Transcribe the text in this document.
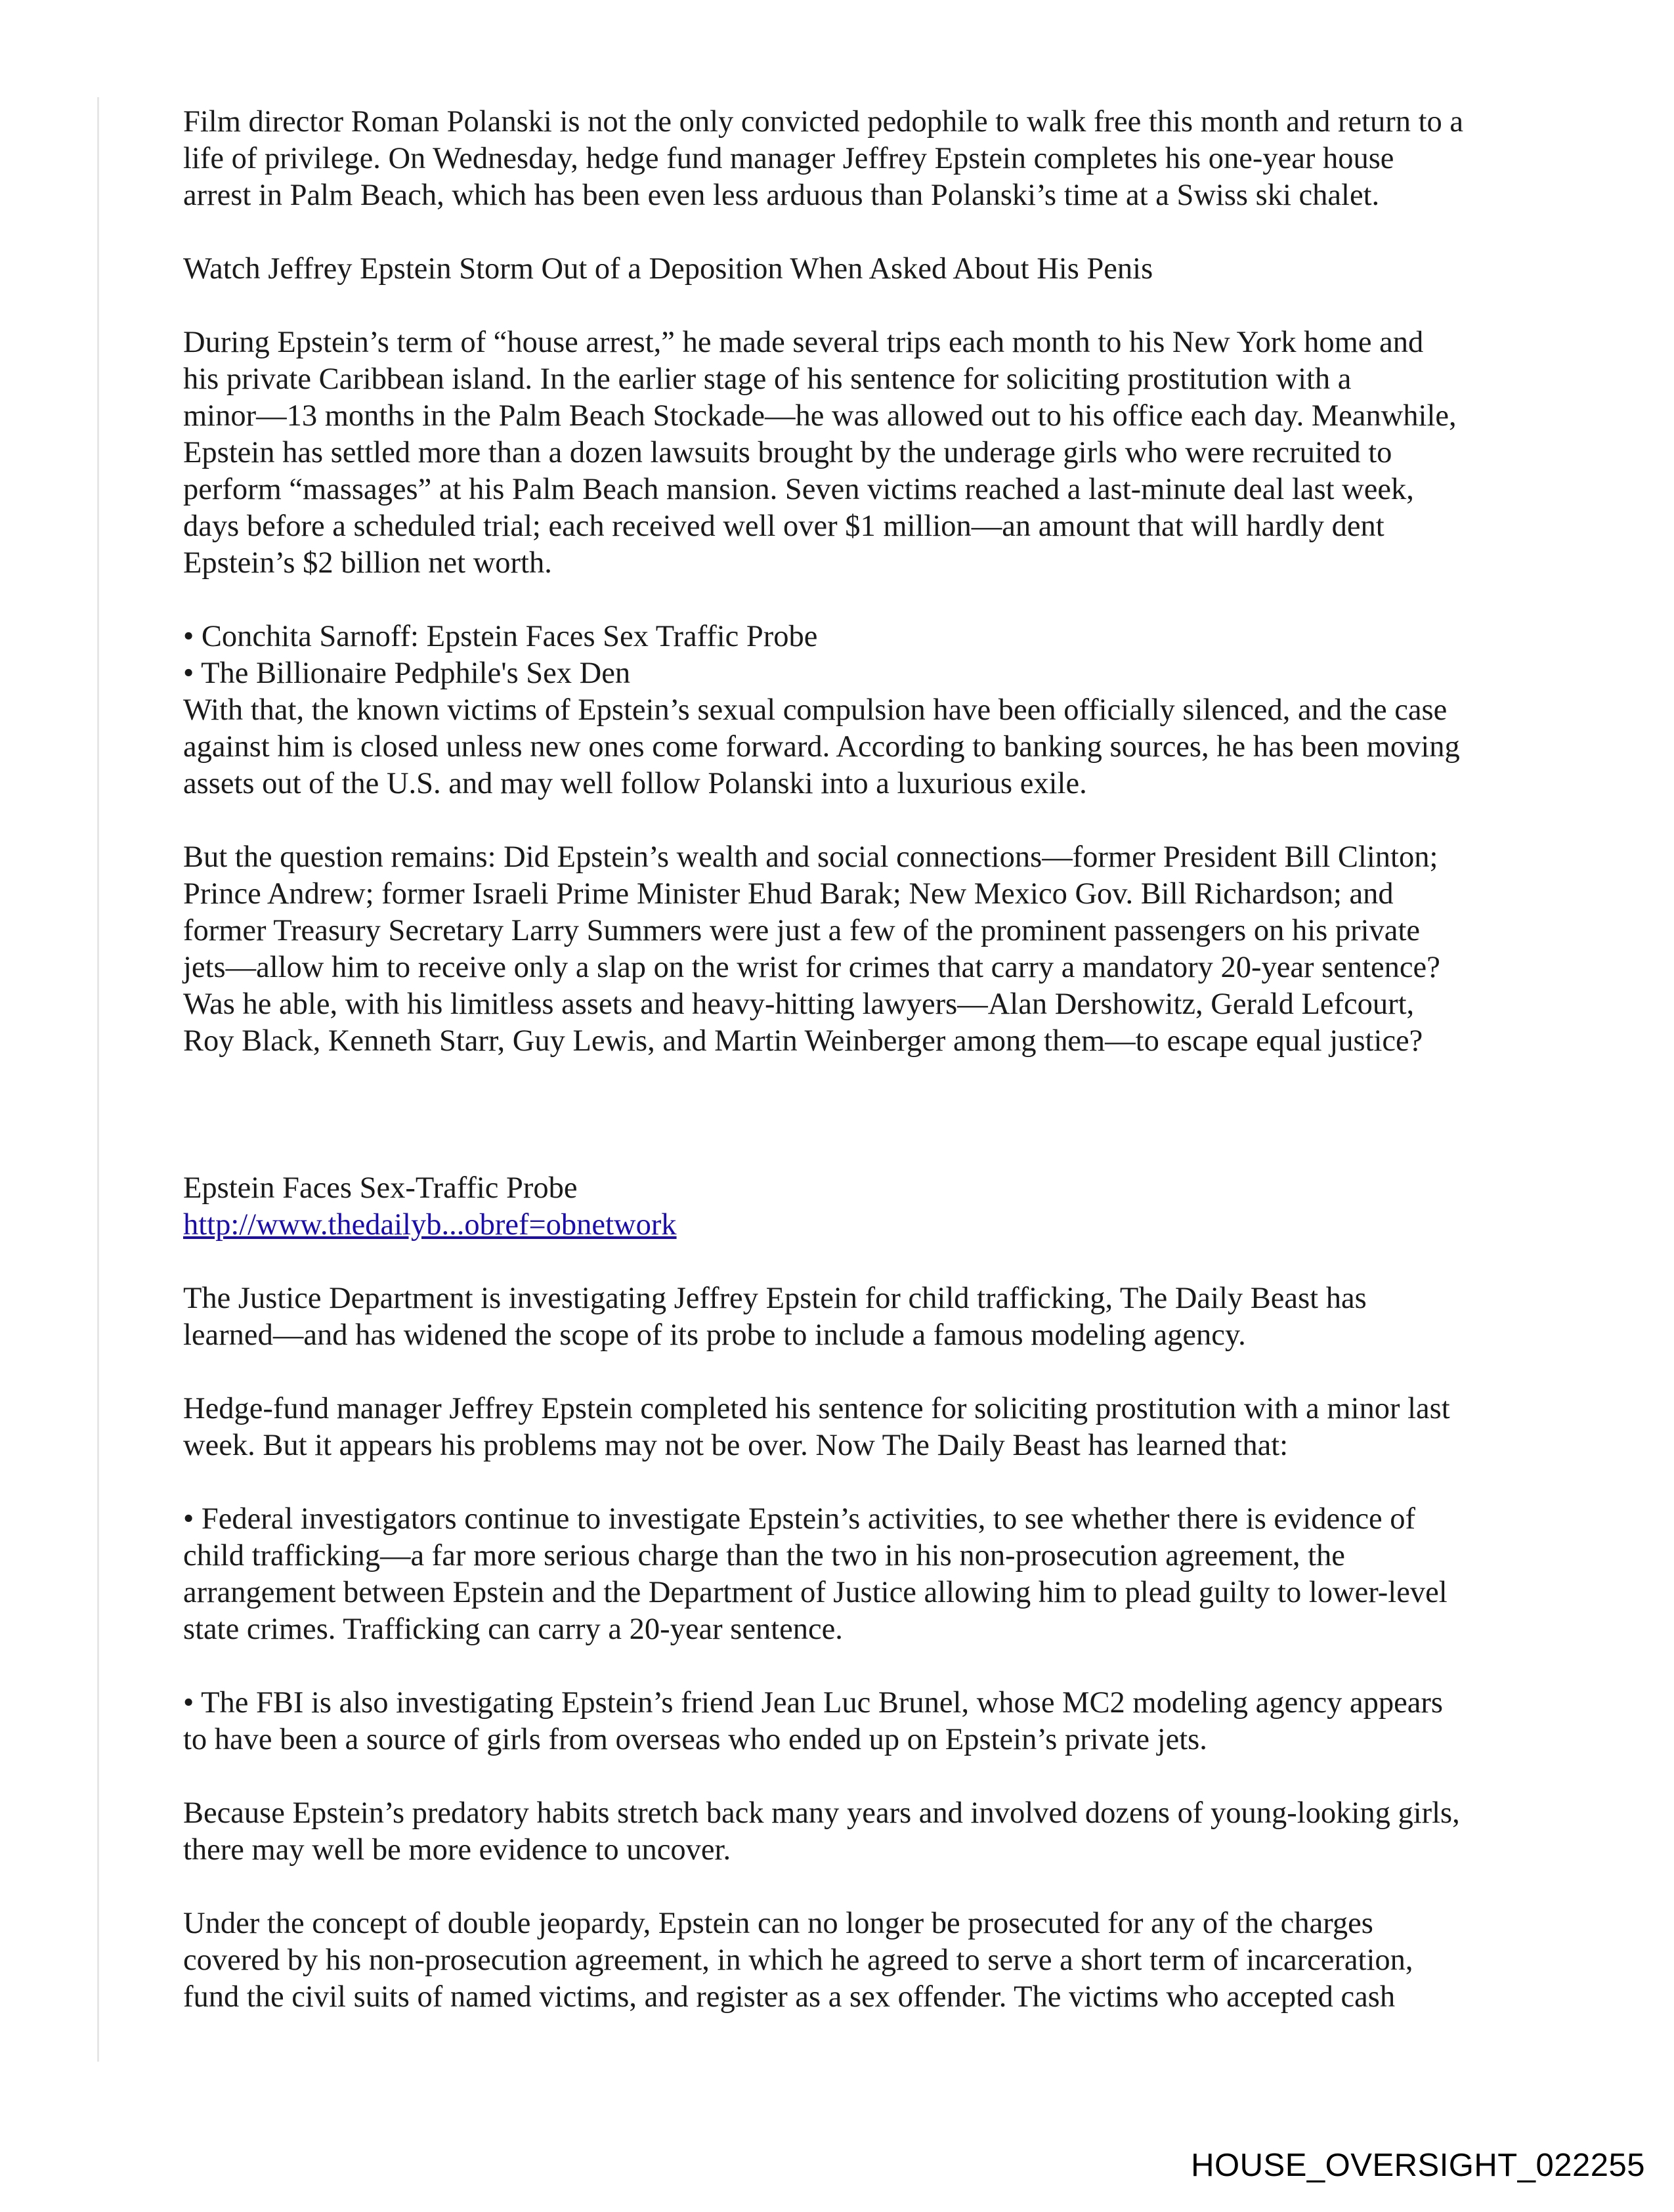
Film director Roman Polanski is not the only convicted pedophile to walk free this month and return to a
life of privilege. On Wednesday, hedge fund manager Jeffrey Epstein completes his one-year house
arrest in Palm Beach, which has been even less arduous than Polanski’s time at a Swiss ski chalet.

Watch Jeffrey Epstein Storm Out of a Deposition When Asked About His Penis

During Epstein’s term of “house arrest,” he made several trips each month to his New York home and
his private Caribbean island. In the earlier stage of his sentence for soliciting prostitution with a
minor—13 months in the Palm Beach Stockade—he was allowed out to his office each day. Meanwhile,
Epstein has settled more than a dozen lawsuits brought by the underage girls who were recruited to
perform “massages” at his Palm Beach mansion. Seven victims reached a last-minute deal last week,
days before a scheduled trial; each received well over $1 million—an amount that will hardly dent
Epstein’s $2 billion net worth.

• Conchita Sarnoff: Epstein Faces Sex Traffic Probe
• The Billionaire Pedphile's Sex Den
With that, the known victims of Epstein’s sexual compulsion have been officially silenced, and the case
against him is closed unless new ones come forward. According to banking sources, he has been moving
assets out of the U.S. and may well follow Polanski into a luxurious exile.

But the question remains: Did Epstein’s wealth and social connections—former President Bill Clinton;
Prince Andrew; former Israeli Prime Minister Ehud Barak; New Mexico Gov. Bill Richardson; and
former Treasury Secretary Larry Summers were just a few of the prominent passengers on his private
jets—allow him to receive only a slap on the wrist for crimes that carry a mandatory 20-year sentence?
Was he able, with his limitless assets and heavy-hitting lawyers—Alan Dershowitz, Gerald Lefcourt,
Roy Black, Kenneth Starr, Guy Lewis, and Martin Weinberger among them—to escape equal justice?

Epstein Faces Sex-Traffic Probe
http://www.thedailyb...obref=obnetwork

The Justice Department is investigating Jeffrey Epstein for child trafficking, The Daily Beast has
learned—and has widened the scope of its probe to include a famous modeling agency.

Hedge-fund manager Jeffrey Epstein completed his sentence for soliciting prostitution with a minor last
week. But it appears his problems may not be over. Now The Daily Beast has learned that:

• Federal investigators continue to investigate Epstein’s activities, to see whether there is evidence of
child trafficking—a far more serious charge than the two in his non-prosecution agreement, the
arrangement between Epstein and the Department of Justice allowing him to plead guilty to lower-level
state crimes. Trafficking can carry a 20-year sentence.

• The FBI is also investigating Epstein’s friend Jean Luc Brunel, whose MC2 modeling agency appears
to have been a source of girls from overseas who ended up on Epstein’s private jets.

Because Epstein’s predatory habits stretch back many years and involved dozens of young-looking girls,
there may well be more evidence to uncover.

Under the concept of double jeopardy, Epstein can no longer be prosecuted for any of the charges
covered by his non-prosecution agreement, in which he agreed to serve a short term of incarceration,
fund the civil suits of named victims, and register as a sex offender. The victims who accepted cash

HOUSE_OVERSIGHT_022255
